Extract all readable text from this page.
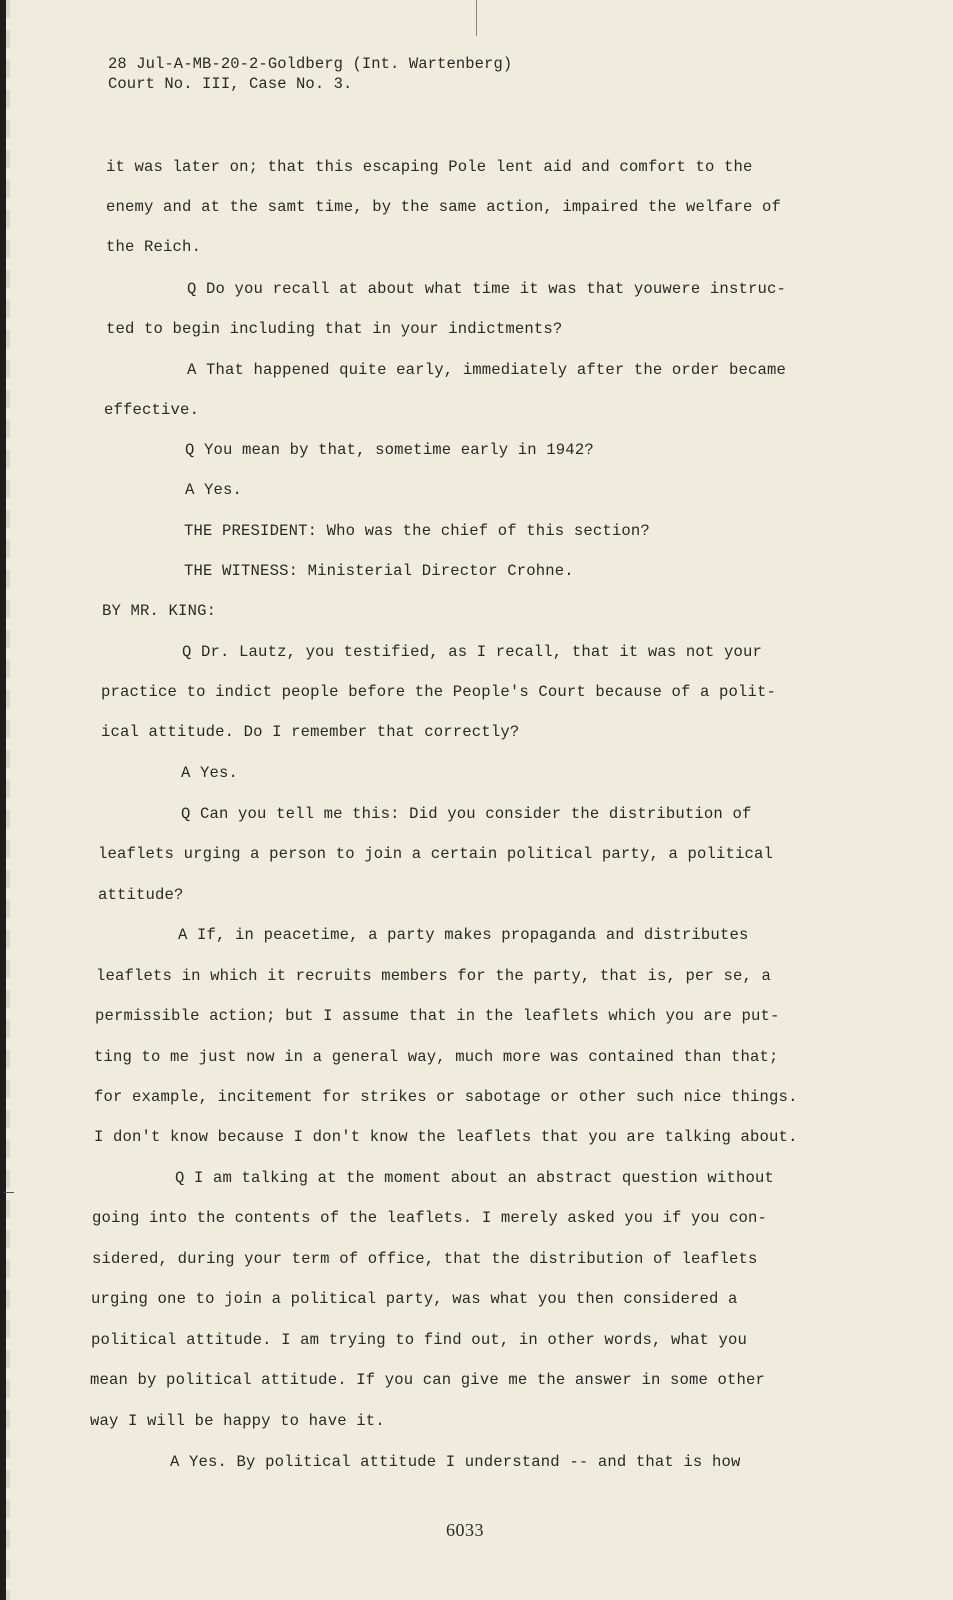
28 Jul-A-MB-20-2-Goldberg (Int. Wartenberg)
Court No. III, Case No. 3.
it was later on; that this escaping Pole lent aid and comfort to the
enemy and at the samt time, by the same action, impaired the welfare of
the Reich.
Q Do you recall at about what time it was that youwere instruc-
ted to begin including that in your indictments?
A That happened quite early, immediately after the order became
effective.
Q You mean by that, sometime early in 1942?
A Yes.
THE PRESIDENT: Who was the chief of this section?
THE WITNESS: Ministerial Director Crohne.
BY MR. KING:
Q Dr. Lautz, you testified, as I recall, that it was not your
practice to indict people before the People's Court because of a polit-
ical attitude. Do I remember that correctly?
A Yes.
Q Can you tell me this: Did you consider the distribution of
leaflets urging a person to join a certain political party, a political
attitude?
A If, in peacetime, a party makes propaganda and distributes
leaflets in which it recruits members for the party, that is, per se, a
permissible action; but I assume that in the leaflets which you are put-
ting to me just now in a general way, much more was contained than that;
for example, incitement for strikes or sabotage or other such nice things.
I don't know because I don't know the leaflets that you are talking about.
Q I am talking at the moment about an abstract question without
going into the contents of the leaflets. I merely asked you if you con-
sidered, during your term of office, that the distribution of leaflets
urging one to join a political party, was what you then considered a
political attitude. I am trying to find out, in other words, what you
mean by political attitude. If you can give me the answer in some other
way I will be happy to have it.
A Yes. By political attitude I understand -- and that is how
6033
